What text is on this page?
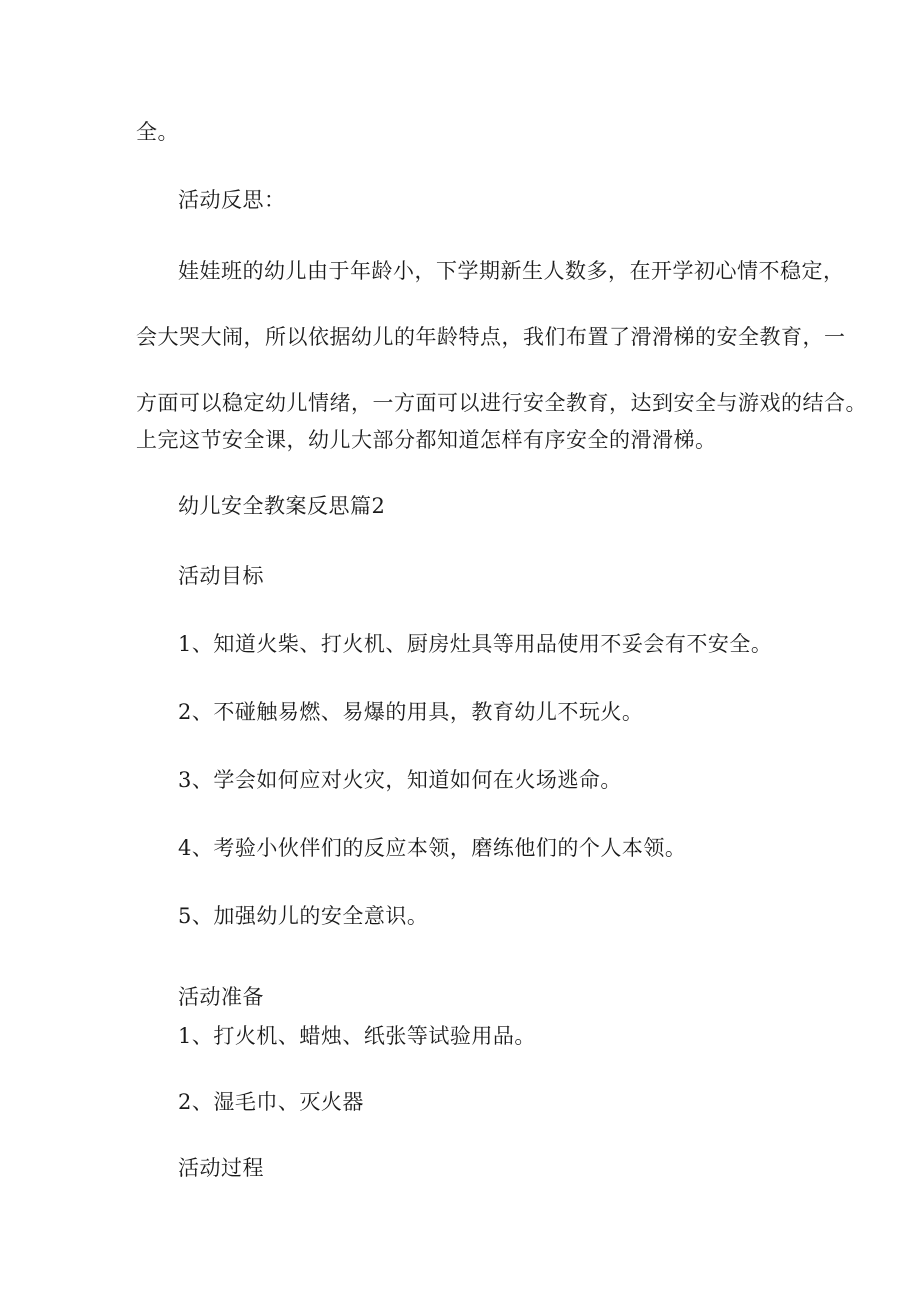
全。
活动反思：
娃娃班的幼儿由于年龄小，下学期新生人数多，在开学初心情不稳定，
会大哭大闹，所以依据幼儿的年龄特点，我们布置了滑滑梯的安全教育，一
方面可以稳定幼儿情绪，一方面可以进行安全教育，达到安全与游戏的结合。
上完这节安全课，幼儿大部分都知道怎样有序安全的滑滑梯。
幼儿安全教案反思篇2
活动目标
1、知道火柴、打火机、厨房灶具等用品使用不妥会有不安全。
2、不碰触易燃、易爆的用具，教育幼儿不玩火。
3、学会如何应对火灾，知道如何在火场逃命。
4、考验小伙伴们的反应本领，磨练他们的个人本领。
5、加强幼儿的安全意识。
活动准备
1、打火机、蜡烛、纸张等试验用品。
2、湿毛巾、灭火器
活动过程
